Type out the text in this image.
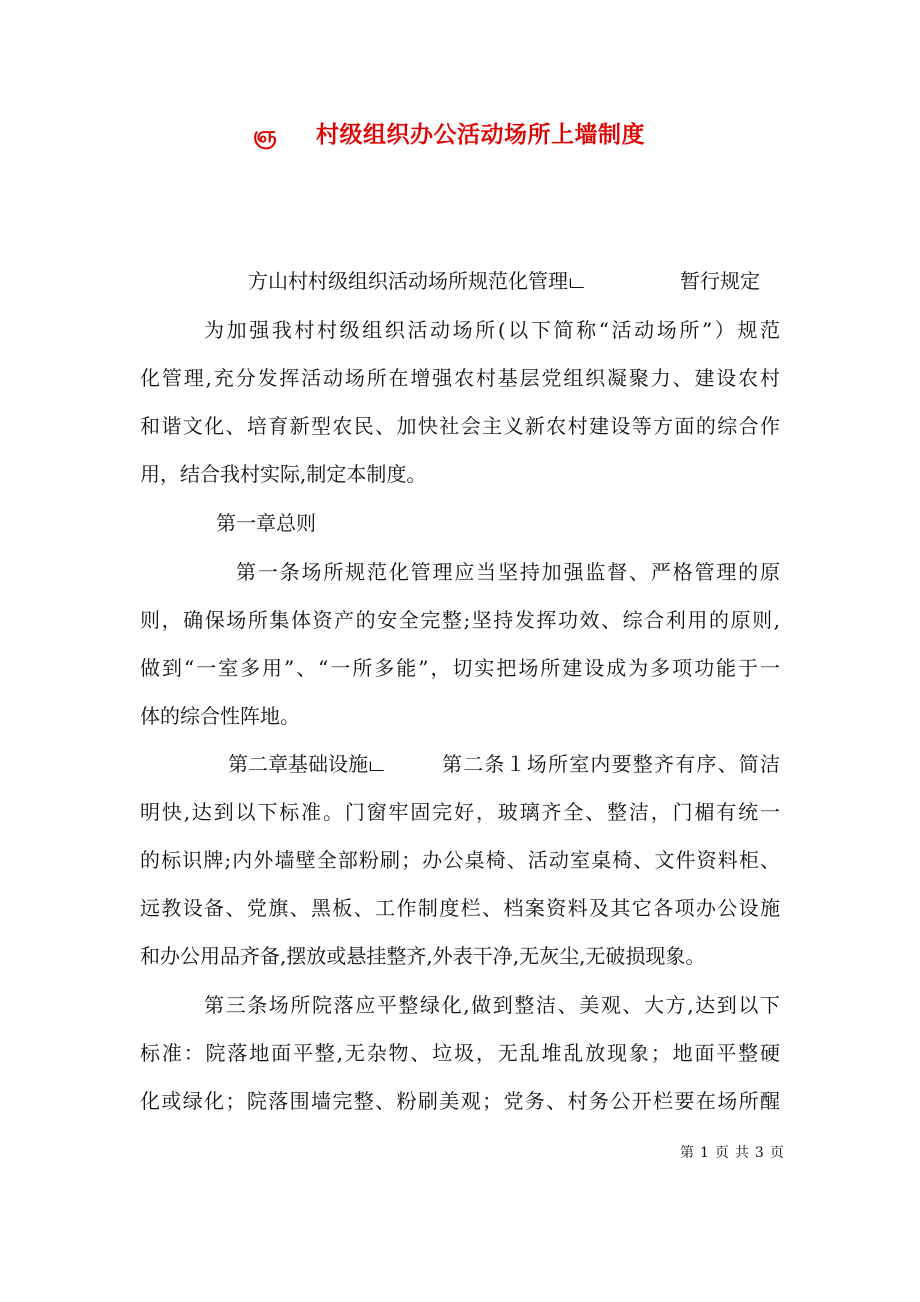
ஞ 村级组织办公活动场所上墙制度
方山村村级组织活动场所规范化管理ட	暂行规定
为加强我村村级组织活动场所(以下简称“活动场所”）规范
化管理,充分发挥活动场所在增强农村基层党组织凝聚力、建设农村
和谐文化、培育新型农民、加快社会主义新农村建设等方面的综合作
用，结合我村实际,制定本制度。
第一章总则
第一条场所规范化管理应当坚持加强监督、严格管理的原
则，确保场所集体资产的安全完整;坚持发挥功效、综合利用的原则,
做到“一室多用”、“一所多能”，切实把场所建设成为多项功能于一
体的综合性阵地。
第二章基础设施ட	第二条１场所室内要整齐有序、简洁
明快,达到以下标准。门窗牢固完好，玻璃齐全、整洁，门楣有统一
的标识牌;内外墙壁全部粉刷；办公桌椅、活动室桌椅、文件资料柜、
远教设备、党旗、黑板、工作制度栏、档案资料及其它各项办公设施
和办公用品齐备,摆放或悬挂整齐,外表干净,无灰尘,无破损现象。
第三条场所院落应平整绿化,做到整洁、美观、大方,达到以下
标准：院落地面平整,无杂物、垃圾，无乱堆乱放现象；地面平整硬
化或绿化；院落围墙完整、粉刷美观；党务、村务公开栏要在场所醒
第 1 页 共 3 页
